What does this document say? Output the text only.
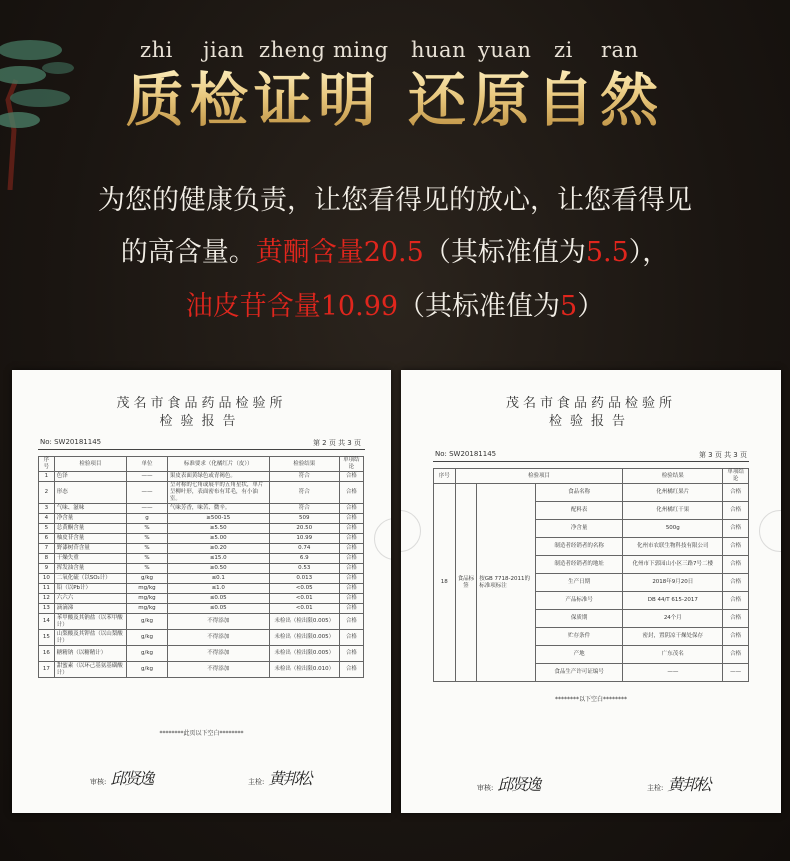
zhi jian zheng ming huan yuan zi ran
质检证明 还原自然
为您的健康负责，让您看得见的放心，让您看得见
的高含量。黄酮含量20.5（其标准值为5.5），
油皮苷含量10.99（其标准值为5）
茂名市食品药品检验所
检验报告
No: SW20181145	第 2 页 共 3 页
序号	检验项目	单位	标准要求（化橘红片（皮））	检验结果	单项结论
1	色泽	——	果皮表面黄绿色或青褐色。	符合	合格
2	形态	——	呈对称的七角或展平的五角星状，单片呈柳叶形，表面密布有茸毛，有小油室。	符合	合格
3	气味、滋味	——	气味芳香，味苦、微辛。	符合	合格
4	净含量	g	≥500-15	509	合格
5	总黄酮含量	%	≥5.50	20.50	合格
6	柚皮苷含量	%	≥5.00	10.99	合格
7	野漆树苷含量	%	≥0.20	0.74	合格
8	干燥失重	%	≤15.0	6.9	合格
9	挥发油含量	%	≥0.50	0.53	合格
10	二氧化硫（以SO₂计）	g/kg	≤0.1	0.013	合格
11	铅（以Pb计）	mg/kg	≤1.0	<0.05	合格
12	六六六	mg/kg	≤0.05	<0.01	合格
13	滴滴涕	mg/kg	≤0.05	<0.01	合格
14	苯甲酸及其钠盐（以苯甲酸计）	g/kg	不得添加	未检出（检出限0.005）	合格
15	山梨酸及其钾盐（以山梨酸计）	g/kg	不得添加	未检出（检出限0.005）	合格
16	糖精钠（以糖精计）	g/kg	不得添加	未检出（检出限0.005）	合格
17	甜蜜素（以环己基氨基磺酸计）	g/kg	不得添加	未检出（检出限0.010）	合格
********此页以下空白********
审核: 邱贤逸	主检: 黄邦松
茂名市食品药品检验所
检验报告
No: SW20181145	第 3 页 共 3 页
序号	检验项目			检验结果	单项结论
18	食品标签	按GB 7718-2011的标准项标注	食品名称	化州橘红果片	合格
			配料表	化州橘红干果	合格
			净含量	500g	合格
			制造者经销者的名称	化州市农联生物科技有限公司	合格
			制造者经销者的地址	化州市下郭园山小区三路7号二楼	合格
			生产日期	2018年9月20日	合格
			产品标准号	DB 44/T 615-2017	合格
			保质期	24个月	合格
			贮存条件	密封，置阴凉干燥处保存	合格
			产地	广东茂名	合格
			食品生产许可证编号	——	——
********以下空白********
审核: 邱贤逸	主检: 黄邦松
